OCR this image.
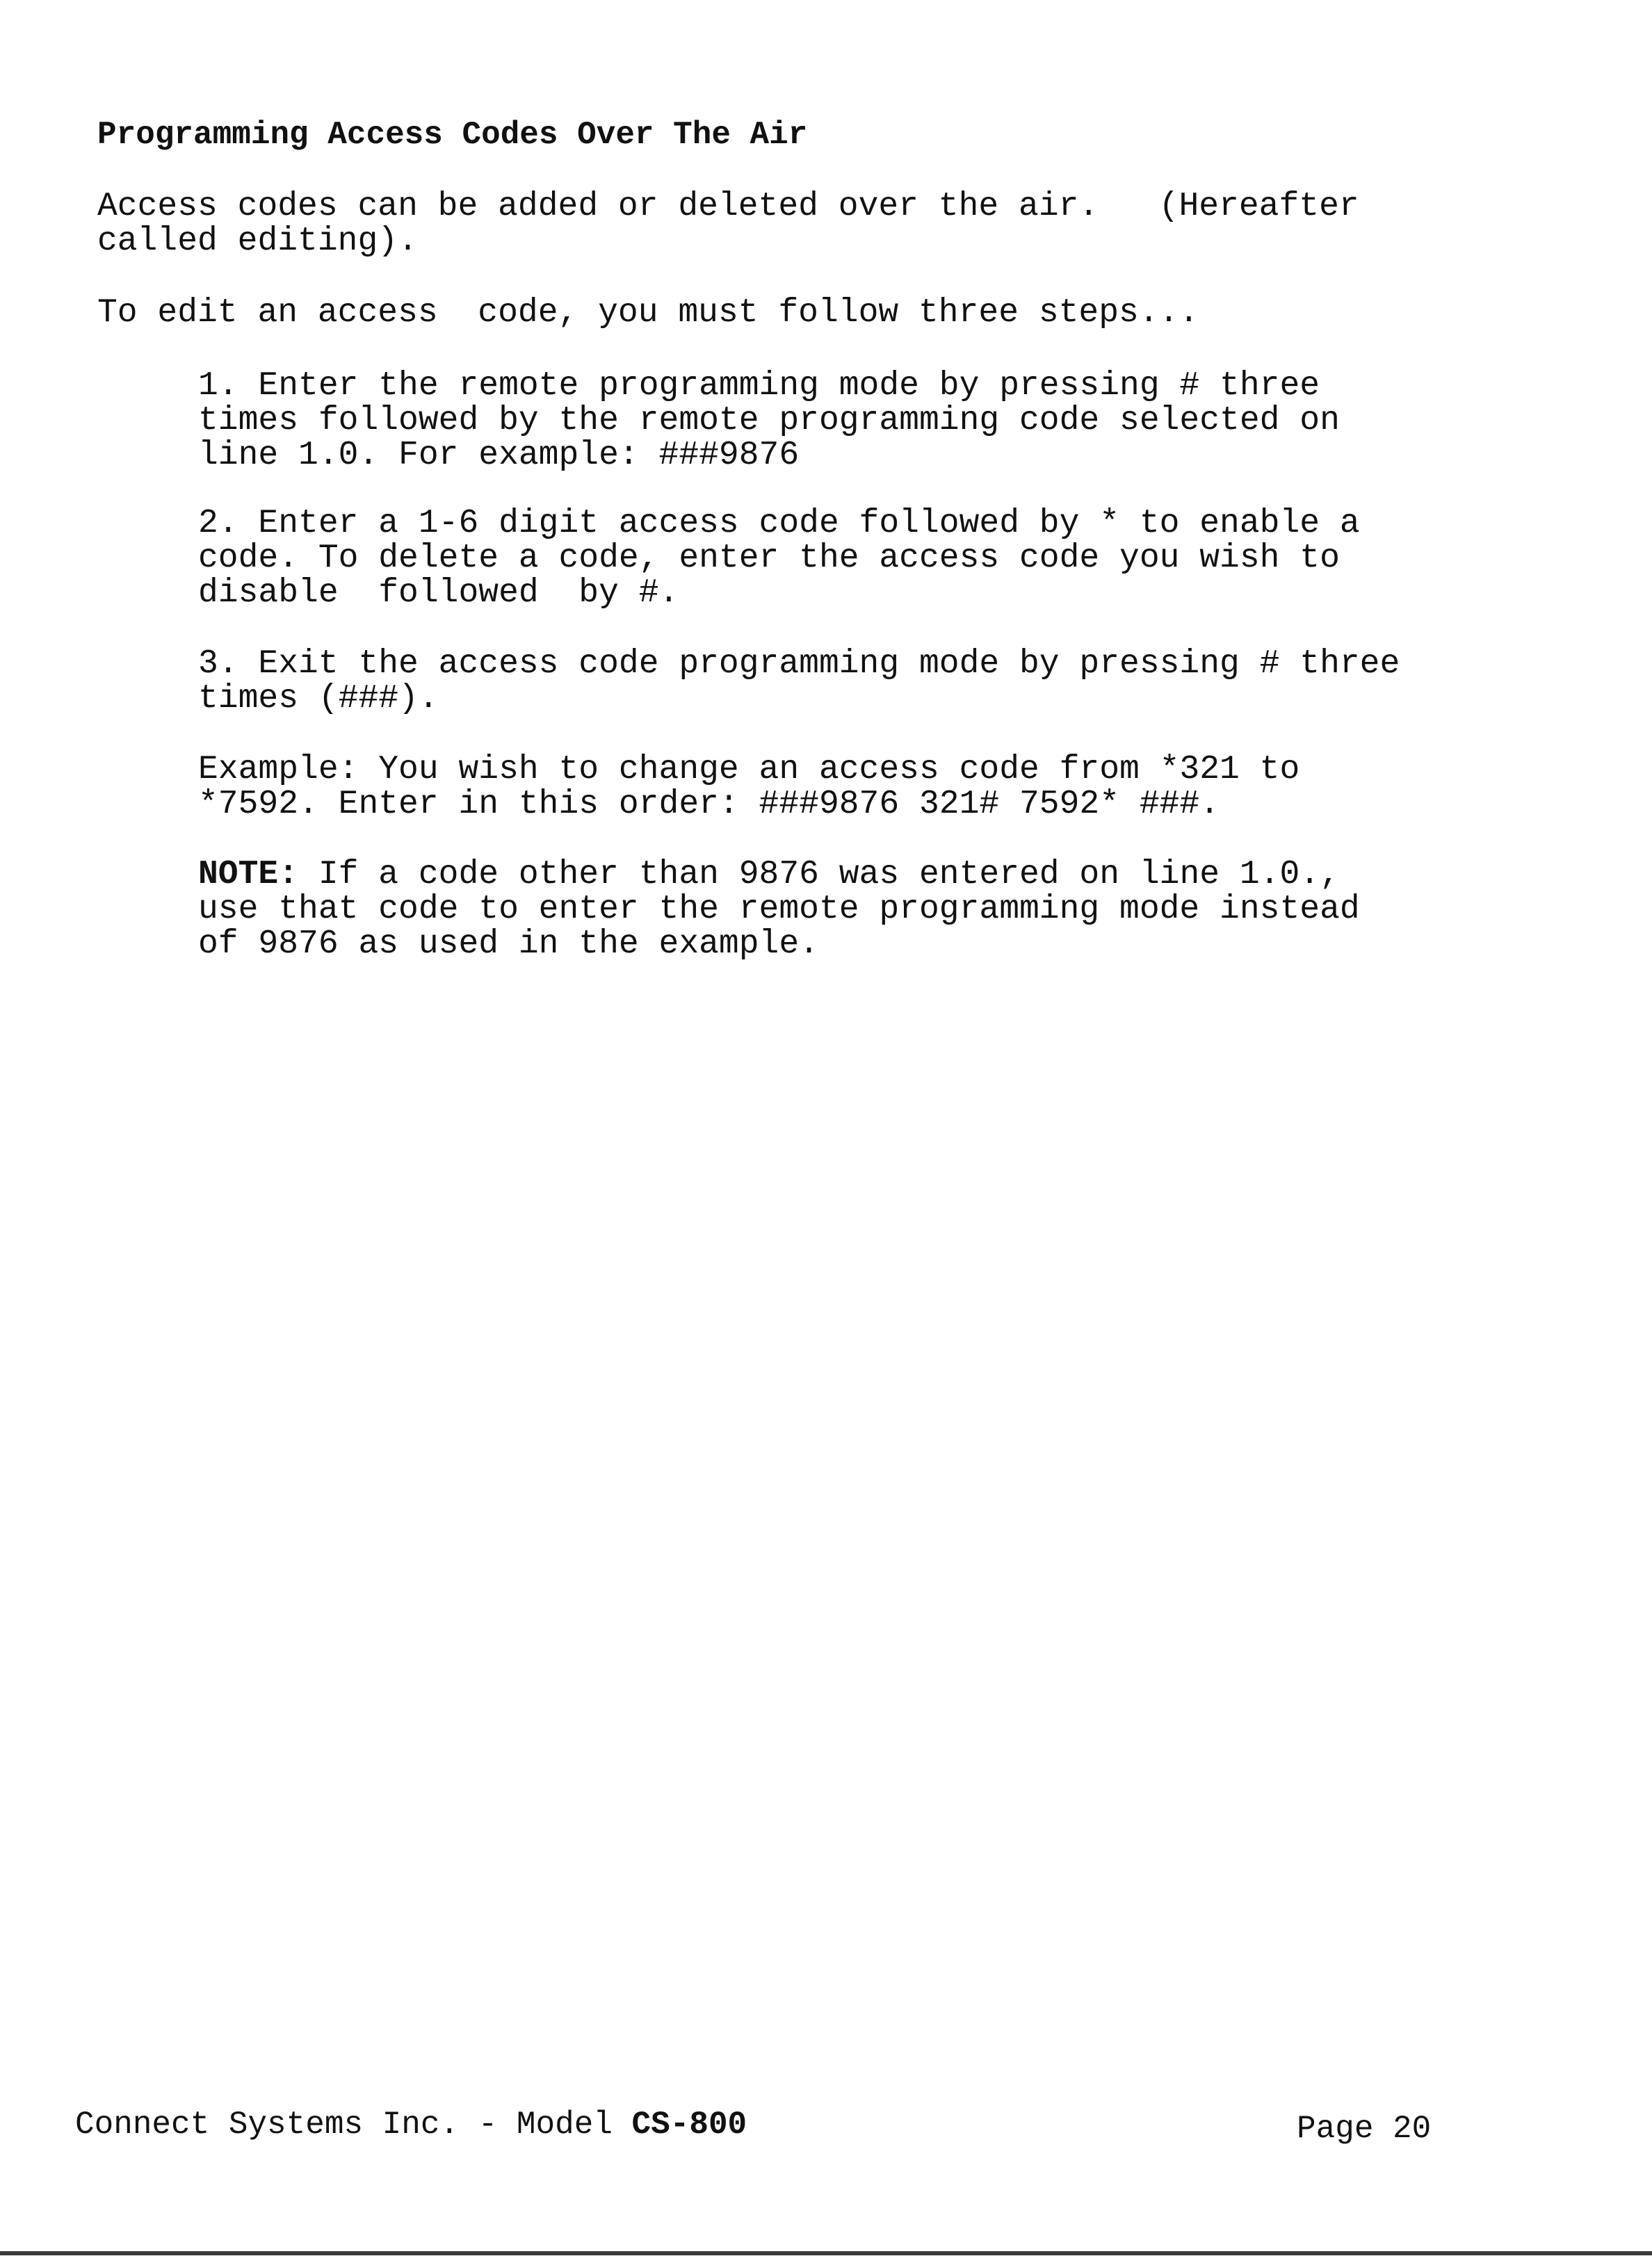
Programming Access Codes Over The Air
Access codes can be added or deleted over the air.   (Hereafter
called editing).
To edit an access  code, you must follow three steps...
1. Enter the remote programming mode by pressing # three
times followed by the remote programming code selected on
line 1.0. For example: ###9876
2. Enter a 1-6 digit access code followed by * to enable a
code. To delete a code, enter the access code you wish to
disable  followed  by #.
3. Exit the access code programming mode by pressing # three
times (###).
Example: You wish to change an access code from *321 to
*7592. Enter in this order: ###9876 321# 7592* ###.
NOTE: If a code other than 9876 was entered on line 1.0.,
use that code to enter the remote programming mode instead
of 9876 as used in the example.
Connect Systems Inc. - Model CS-800	Page 20
